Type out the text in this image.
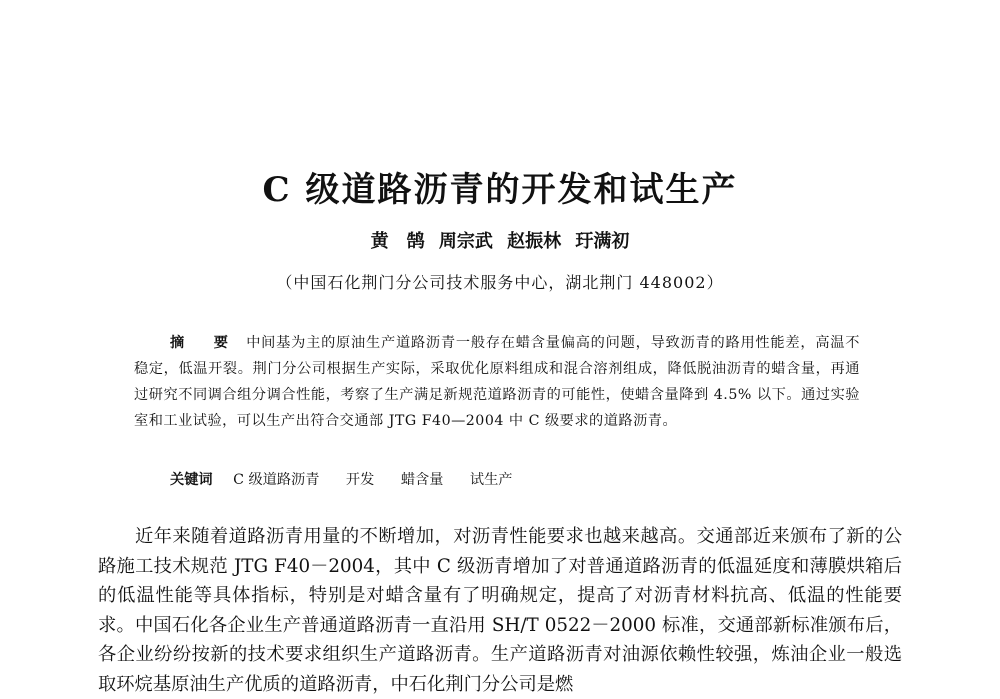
C 级道路沥青的开发和试生产
黄　鹄 周宗武 赵振林 玗满初
（中国石化荆门分公司技术服务中心，湖北荆门 448002）
摘 要 中间基为主的原油生产道路沥青一般存在蜡含量偏高的问题，导致沥青的路用性能差，高温不稳定，低温开裂。荆门分公司根据生产实际，采取优化原料组成和混合溶剂组成，降低脱油沥青的蜡含量，再通过研究不同调合组分调合性能，考察了生产满足新规范道路沥青的可能性，使蜡含量降到 4.5% 以下。通过实验室和工业试验，可以生产出符合交通部 JTG F40—2004 中 C 级要求的道路沥青。
关键词 C 级道路沥青 开发 蜡含量 试生产
近年来随着道路沥青用量的不断增加，对沥青性能要求也越来越高。交通部近来颁布了新的公路施工技术规范 JTG F40－2004，其中 C 级沥青增加了对普通道路沥青的低温延度和薄膜烘箱后的低温性能等具体指标，特别是对蜡含量有了明确规定，提高了对沥青材料抗高、低温的性能要求。中国石化各企业生产普通道路沥青一直沿用 SH/T 0522－2000 标准，交通部新标准颁布后，各企业纷纷按新的技术要求组织生产道路沥青。生产道路沥青对油源依赖性较强，炼油企业一般选取环烷基原油生产优质的道路沥青，中石化荆门分公司是燃
